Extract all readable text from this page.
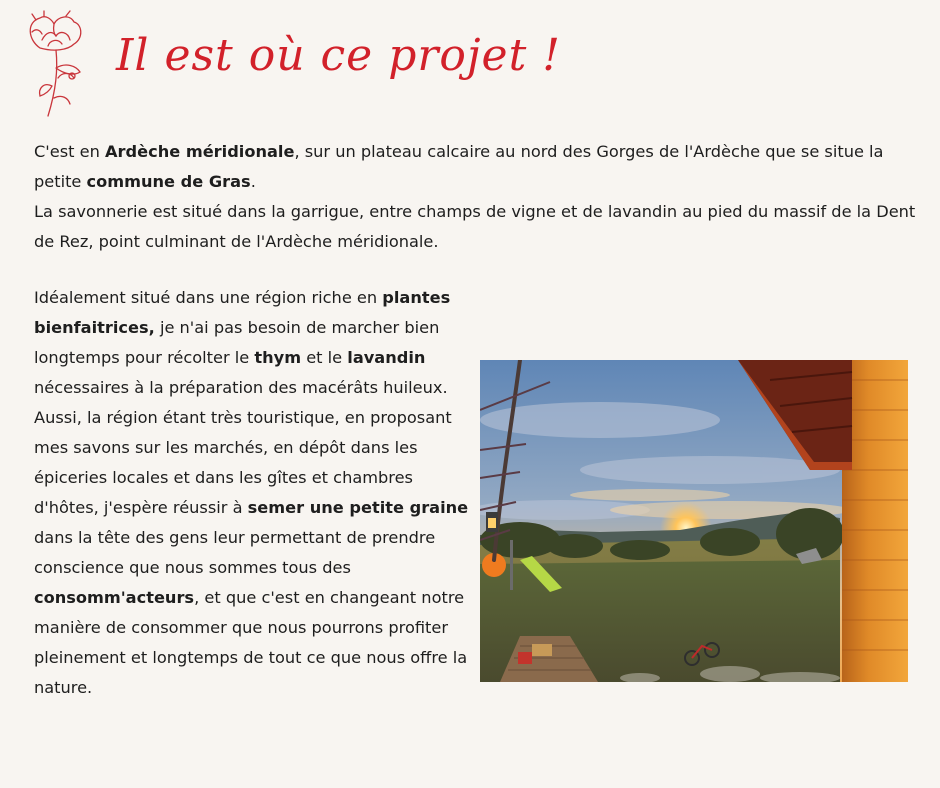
Il est où ce projet !

C'est en Ardèche méridionale, sur un plateau calcaire au nord des Gorges de l'Ardèche que se situe la petite commune de Gras.

La savonnerie est situé dans la garrigue, entre champs de vigne et de lavandin au pied du massif de la Dent de Rez, point culminant de l'Ardèche méridionale.

Idéalement situé dans une région riche en plantes bienfaitrices, je n'ai pas besoin de marcher bien longtemps pour récolter le thym et le lavandin nécessaires à la préparation des macérâts huileux.

Aussi, la région étant très touristique, en proposant mes savons sur les marchés, en dépôt dans les épiceries locales et dans les gîtes et chambres d'hôtes, j'espère réussir à semer une petite graine dans la tête des gens leur permettant de prendre conscience que nous sommes tous des consomm'acteurs, et que c'est en changeant notre manière de consommer que nous pourrons profiter pleinement et longtemps de tout ce que nous offre la nature.
